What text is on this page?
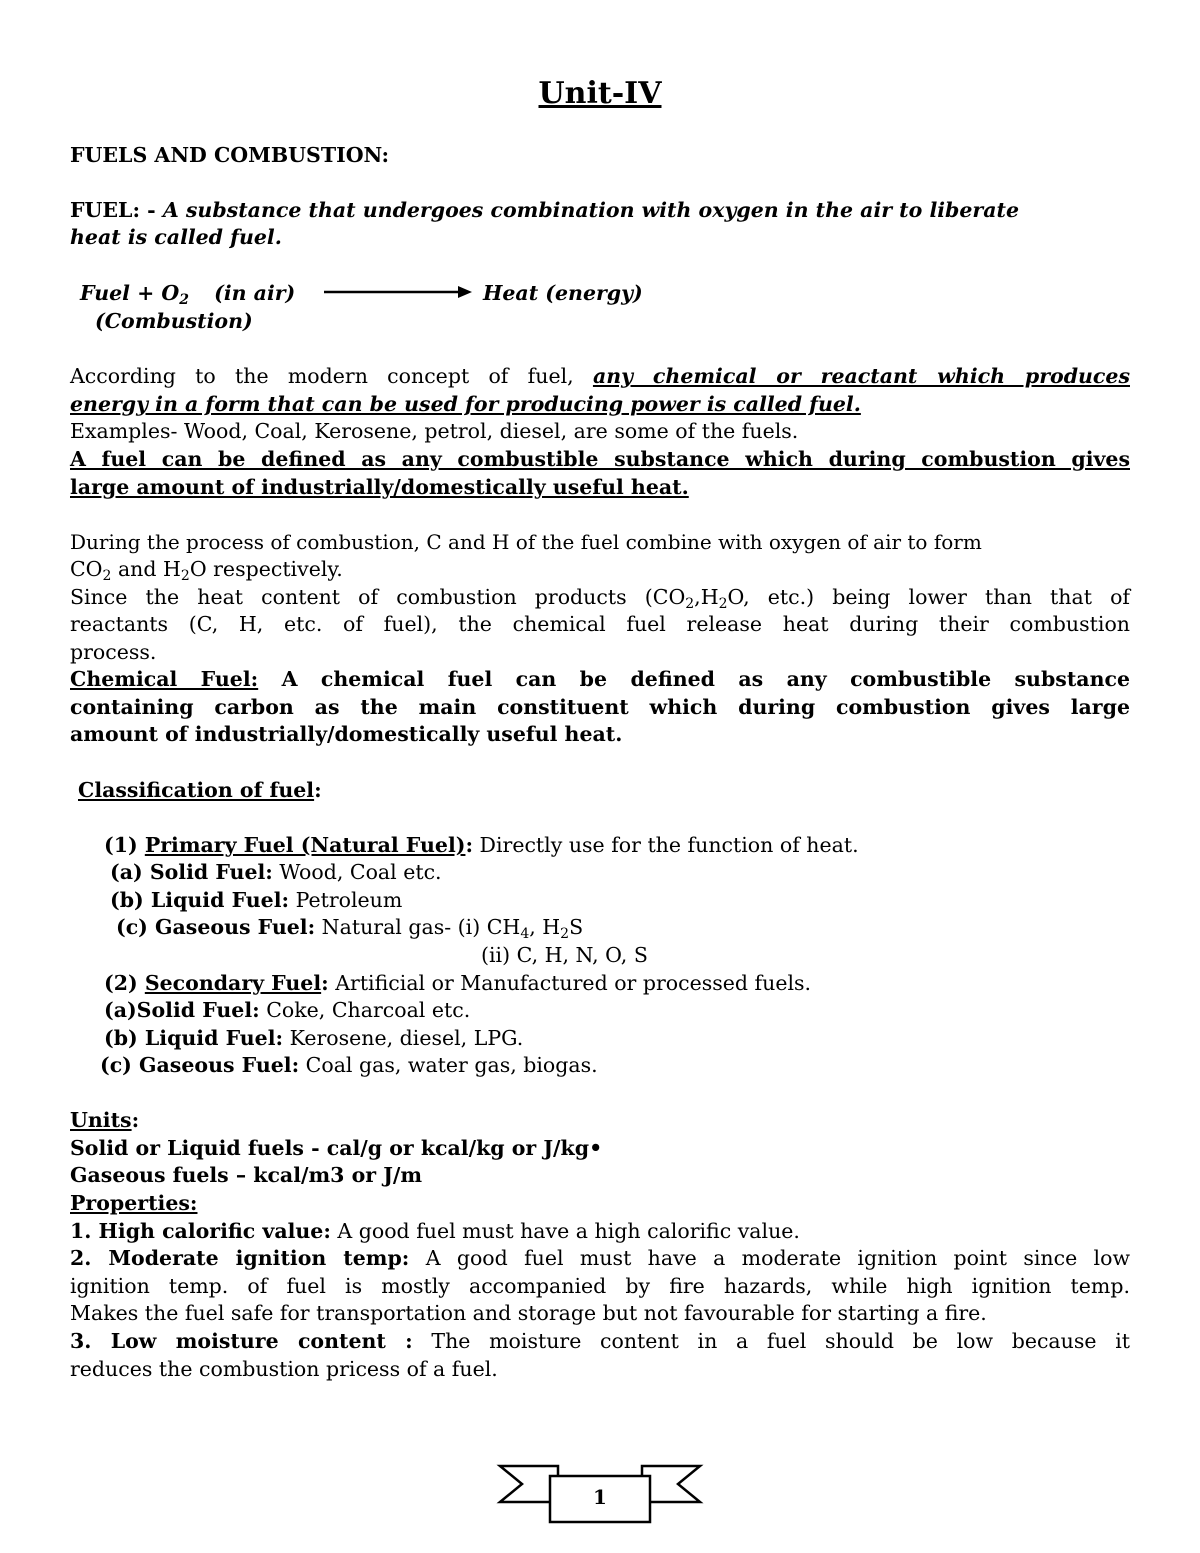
Unit-IV
FUELS AND COMBUSTION:
FUEL: - A substance that undergoes combination with oxygen in the air to liberate
heat is called fuel.
Fuel + $O_2$ (in air)	Heat (energy)
(Combustion)
According to the modern concept of fuel, any chemical or reactant which produces
energy in a form that can be used for producing power is called fuel.
Examples- Wood, Coal, Kerosene, petrol, diesel, are some of the fuels.
A fuel can be defined as any combustible substance which during combustion gives
large amount of industrially/domestically useful heat.
During the process of combustion, C and H of the fuel combine with oxygen of air to form
$CO_2$ and $H_2O$ respectively.
Since the heat content of combustion products ($CO_2,H_2O$, etc.) being lower than that of
reactants (C, H, etc. of fuel), the chemical fuel release heat during their combustion
process.
Chemical Fuel: A chemical fuel can be defined as any combustible substance
containing carbon as the main constituent which during combustion gives large
amount of industrially/domestically useful heat.
Classification of fuel:
(1) Primary Fuel (Natural Fuel): Directly use for the function of heat.
(a) Solid Fuel: Wood, Coal etc.
(b) Liquid Fuel: Petroleum
(c) Gaseous Fuel: Natural gas- (i) $CH_4$, $H_2S$
(ii) C, H, N, O, S
(2) Secondary Fuel: Artificial or Manufactured or processed fuels.
(a)Solid Fuel: Coke, Charcoal etc.
(b) Liquid Fuel: Kerosene, diesel, LPG.
(c) Gaseous Fuel: Coal gas, water gas, biogas.
Units:
Solid or Liquid fuels - cal/g or kcal/kg or J/kg•
Gaseous fuels – kcal/m3 or J/m
Properties:
1. High calorific value: A good fuel must have a high calorific value.
2. Moderate ignition temp: A good fuel must have a moderate ignition point since low
ignition temp. of fuel is mostly accompanied by fire hazards, while high ignition temp.
Makes the fuel safe for transportation and storage but not favourable for starting a fire.
3. Low moisture content : The moisture content in a fuel should be low because it
reduces the combustion pricess of a fuel.
1
